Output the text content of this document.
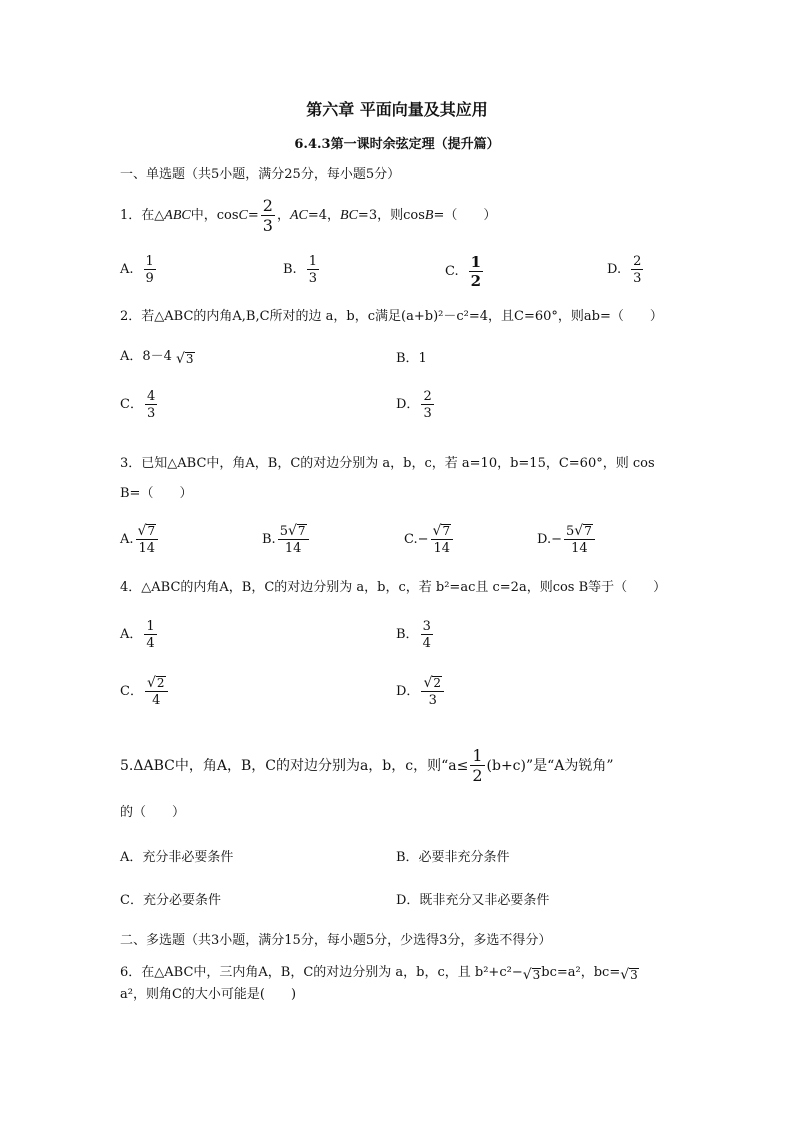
第六章 平面向量及其应用
6.4.3第一课时余弦定理（提升篇）
一、单选题（共5小题，满分25分，每小题5分）
1． 在△ ABC 中，$\cos C = \frac{2}{3}$ ， AC =4， BC =3，则cos B =（　　）
A. $\frac{1}{9}$	B. $\frac{1}{3}$	C. $\frac{1}{2}$	D. $\frac{2}{3}$
2．若△ABC的内角A,B,C所对的边 a，b，c满足(a+b)²－c²=4，且C=60°，则ab=（　　）
A．8－4 √ 3	B．1
C． $\frac{4}{3}$	D． $\frac{2}{3}$
3．已知△ABC中，角A，B，C的对边分别为 a，b，c，若 a=10，b=15，C=60°，则 cos
B=（　　）
A. $\frac{√ 7}{14}$	B. $\frac{5 √ 7}{14}$	$C.- \frac{√ 7}{14}$	$D.- \frac{5 √ 7}{14}$
4．△ABC的内角A，B，C的对边分别为 a，b，c，若 b²=ac且 c=2a，则cos B等于（　　）
A． $\frac{1}{4}$	B． $\frac{3}{4}$
C． $\frac{√ 2}{4}$	D． $\frac{√ 2}{3}$
5.ΔABC中，角A，B，C的对边分别为a，b，c，则“$a\le \frac{1}{2} (b+c)$”是“A为锐角”
的（　　）
A．充分非必要条件	B．必要非充分条件
C．充分必要条件	D．既非充分又非必要条件
二、多选题（共3小题，满分15分，每小题5分，少选得3分，多选不得分）
6．在△ABC中，三内角A，B，C的对边分别为 a，b，c，且 b²+c²− √ 3 bc=a²，bc= √ 3
a²，则角C的大小可能是(　　)
